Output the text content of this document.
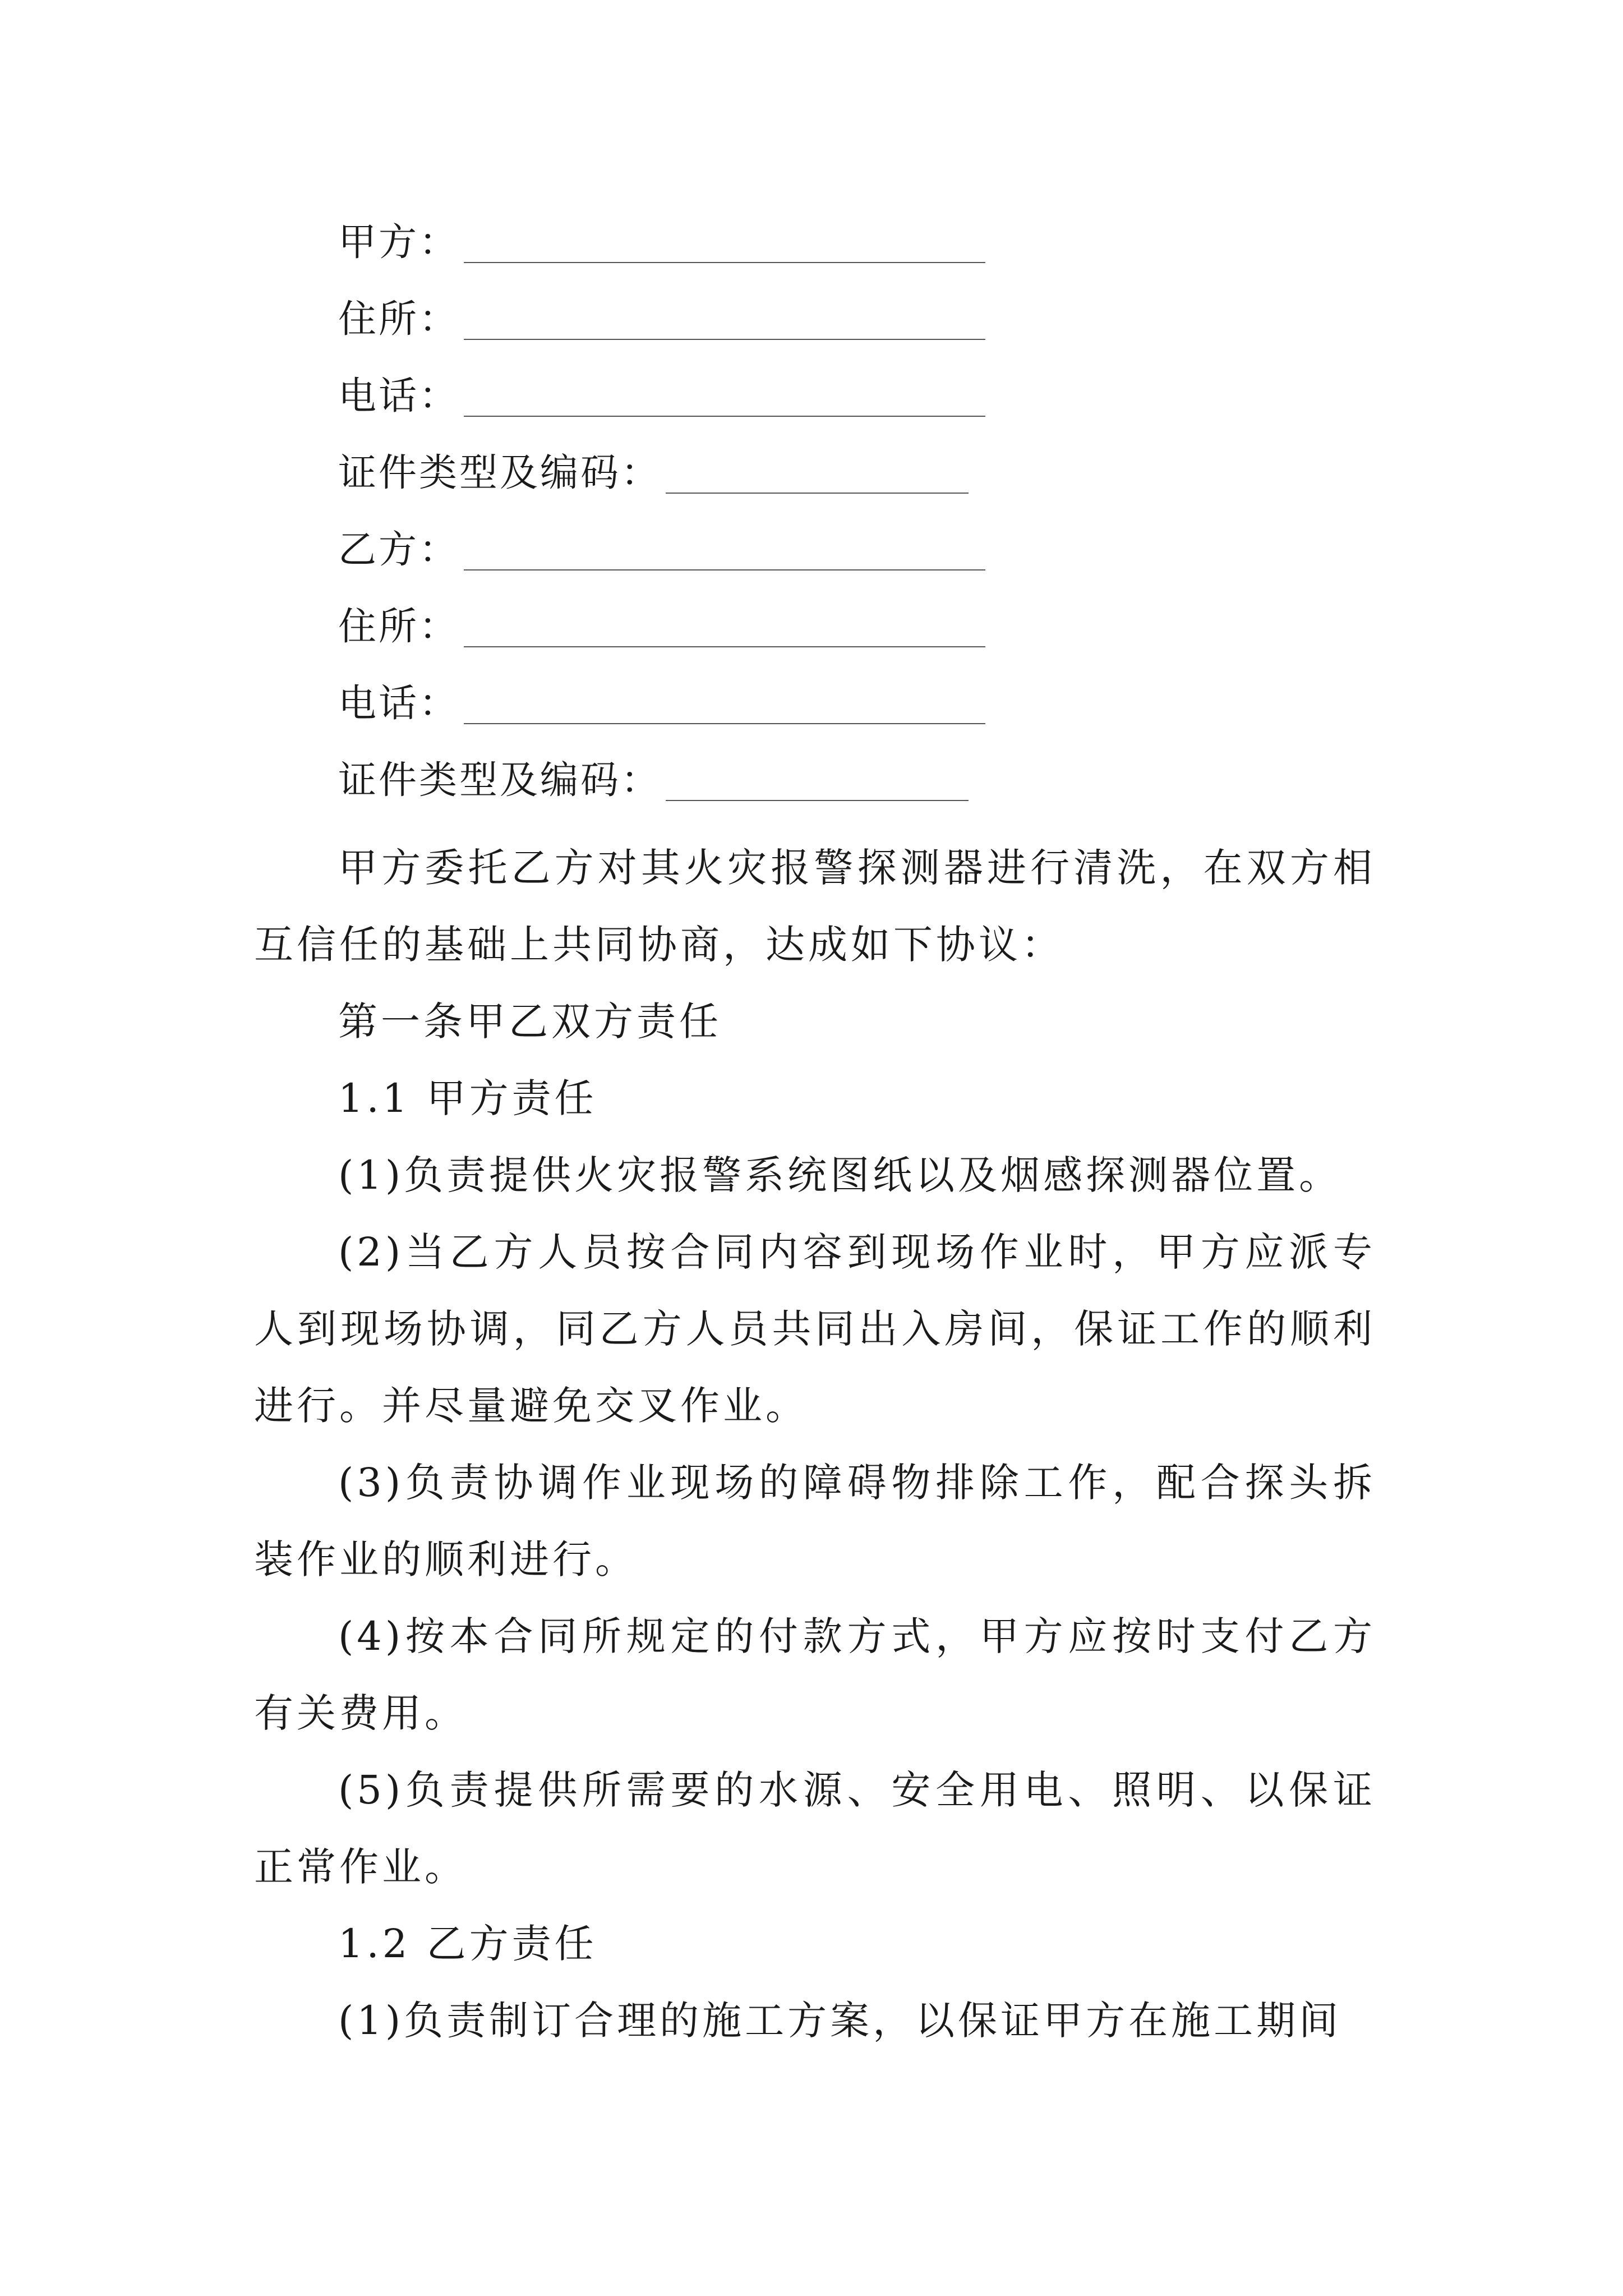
甲方：
住所：
电话：
证件类型及编码：
乙方：
住所：
电话：
证件类型及编码：

甲方委托乙方对其火灾报警探测器进行清洗，在双方相互信任的基础上共同协商，达成如下协议：

第一条甲乙双方责任
1.1 甲方责任

(1)负责提供火灾报警系统图纸以及烟感探测器位置。

(2)当乙方人员按合同内容到现场作业时，甲方应派专人到现场协调，同乙方人员共同出入房间，保证工作的顺利进行。并尽量避免交叉作业。

(3)负责协调作业现场的障碍物排除工作，配合探头拆装作业的顺利进行。

(4)按本合同所规定的付款方式，甲方应按时支付乙方有关费用。

(5)负责提供所需要的水源、安全用电、照明、以保证正常作业。

1.2 乙方责任

(1)负责制订合理的施工方案，以保证甲方在施工期间
